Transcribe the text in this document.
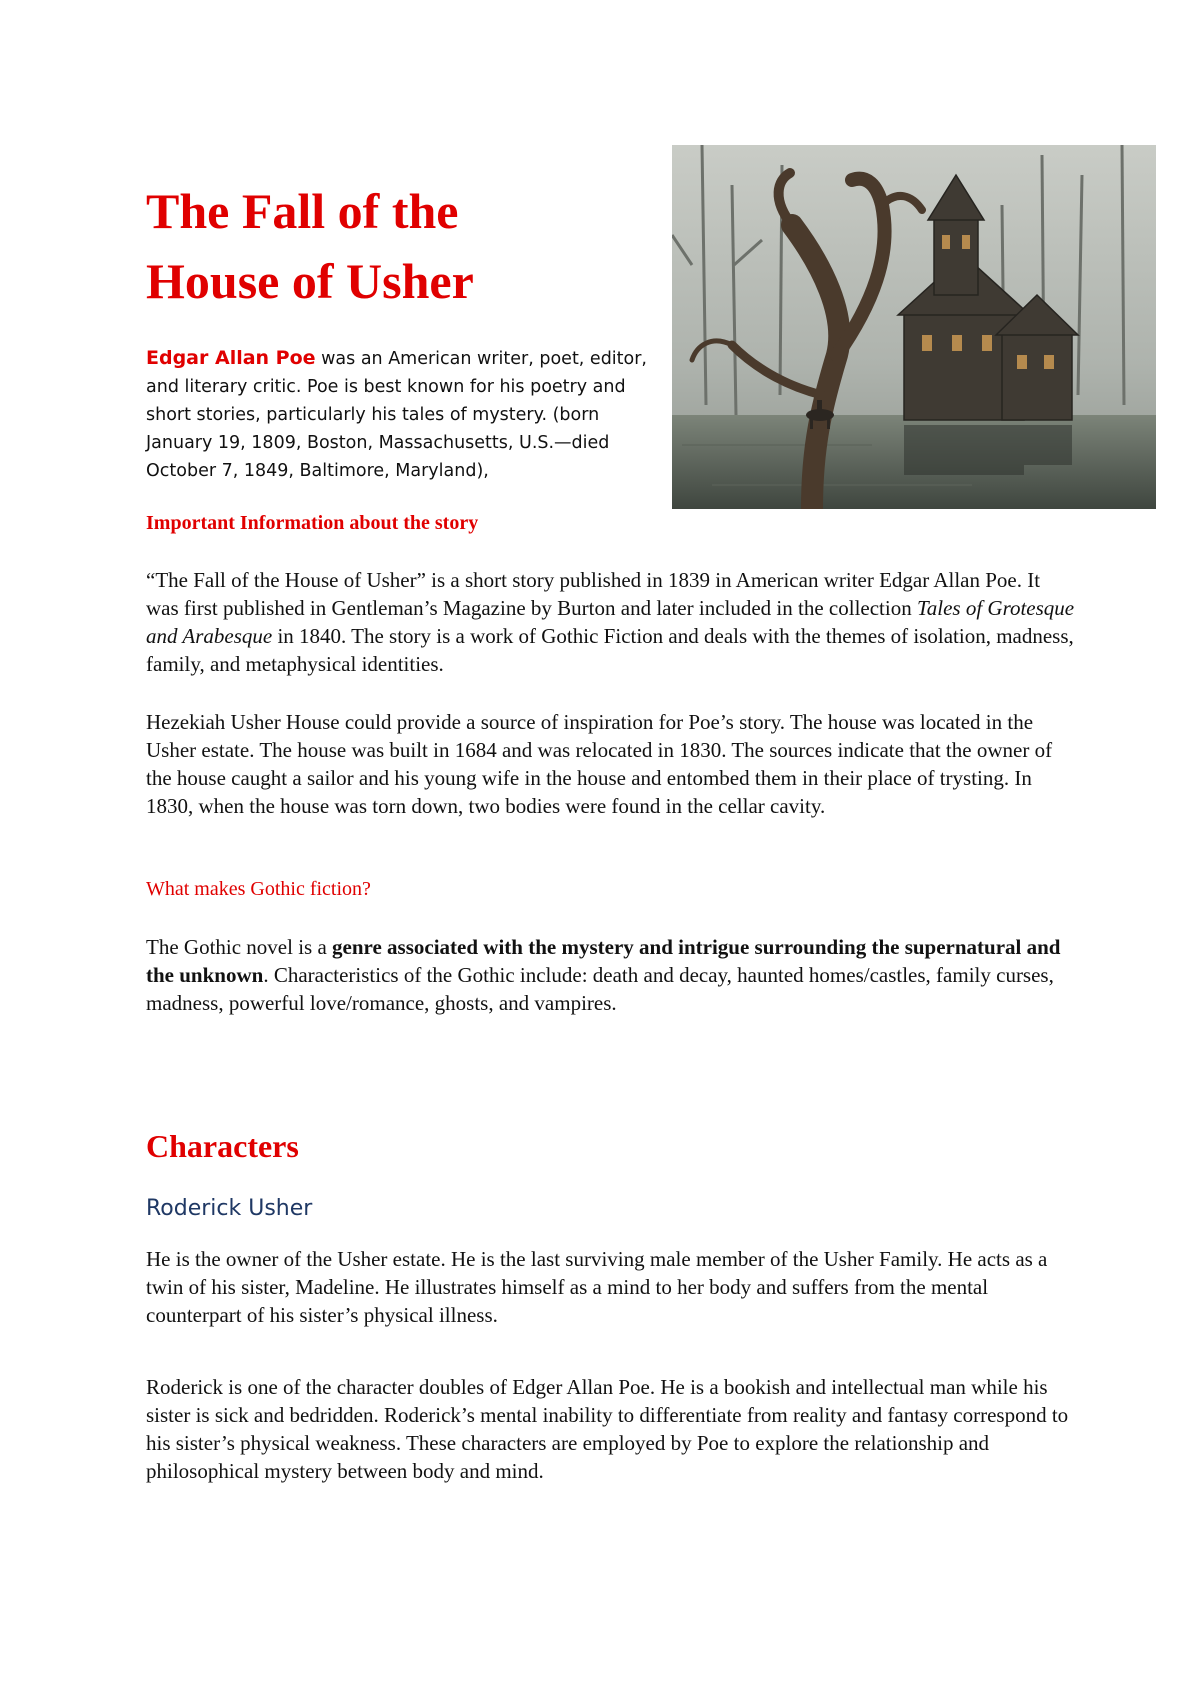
The Fall of the
House of Usher

Edgar Allan Poe was an American writer, poet, editor, and literary critic. Poe is best known for his poetry and short stories, particularly his tales of mystery. (born January 19, 1809, Boston, Massachusetts, U.S.—died October 7, 1849, Baltimore, Maryland),

Important Information about the story

“The Fall of the House of Usher” is a short story published in 1839 in American writer Edgar Allan Poe. It was first published in Gentleman’s Magazine by Burton and later included in the collection Tales of Grotesque and Arabesque in 1840. The story is a work of Gothic Fiction and deals with the themes of isolation, madness, family, and metaphysical identities.

Hezekiah Usher House could provide a source of inspiration for Poe’s story. The house was located in the Usher estate. The house was built in 1684 and was relocated in 1830. The sources indicate that the owner of the house caught a sailor and his young wife in the house and entombed them in their place of trysting. In 1830, when the house was torn down, two bodies were found in the cellar cavity.

What makes Gothic fiction?

The Gothic novel is a genre associated with the mystery and intrigue surrounding the supernatural and the unknown. Characteristics of the Gothic include: death and decay, haunted homes/castles, family curses, madness, powerful love/romance, ghosts, and vampires.

Characters
Roderick Usher

He is the owner of the Usher estate. He is the last surviving male member of the Usher Family. He acts as a twin of his sister, Madeline. He illustrates himself as a mind to her body and suffers from the mental counterpart of his sister’s physical illness.

Roderick is one of the character doubles of Edger Allan Poe. He is a bookish and intellectual man while his sister is sick and bedridden. Roderick’s mental inability to differentiate from reality and fantasy correspond to his sister’s physical weakness. These characters are employed by Poe to explore the relationship and philosophical mystery between body and mind.
